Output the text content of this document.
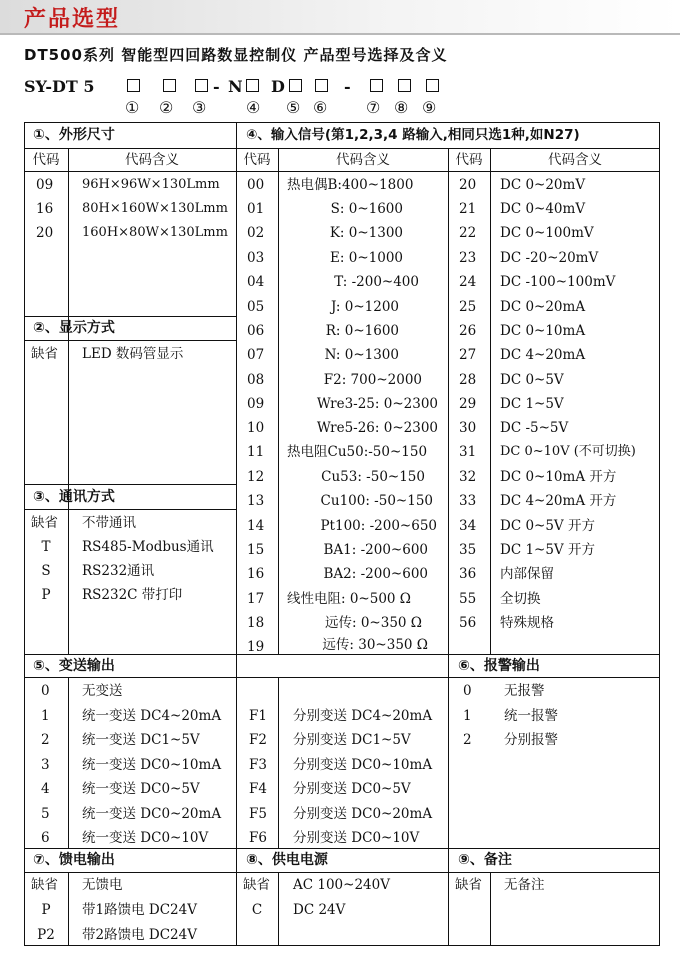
产品选型
DT500系列 智能型四回路数显控制仪 产品型号选择及含义
SY-DT 5	- N D	-
① ② ③ ④ ⑤ ⑥ ⑦ ⑧ ⑨
①、外形尺寸	④、输入信号(第1,2,3,4 路输入,相同只选1种,如N27)
代码	代码含义	代码	代码含义	代码	代码含义
09 96H×96W×130Lmm
16 80H×160W×130Lmm
20 160H×80W×130Lmm
②、显示方式
缺省 LED 数码管显示
③、通讯方式
缺省 不带通讯
T	RS485-Modbus通讯
S	RS232通讯
P	RS232C 带打印
00 热电偶B:400~1800
01	S: 0~1600
02	K: 0~1300
03	E: 0~1000
04	T: -200~400
05	J: 0~1200
06	R: 0~1600
07	N: 0~1300
08	F2: 700~2000
09	Wre3-25: 0~2300
10	Wre5-26: 0~2300
11 热电阻Cu50:-50~150
12	Cu53: -50~150
13	Cu100: -50~150
14	Pt100: -200~650
15	BA1: -200~600
16	BA2: -200~600
17 线性电阻: 0~500 Ω
18	远传: 0~350 Ω
19	远传: 30~350 Ω
20 DC 0~20mV
21 DC 0~40mV
22 DC 0~100mV
23 DC -20~20mV
24 DC -100~100mV
25 DC 0~20mA
26 DC 0~10mA
27 DC 4~20mA
28 DC 0~5V
29 DC 1~5V
30 DC -5~5V
31 DC 0~10V (不可切换)
32 DC 0~10mA 开方
33 DC 4~20mA 开方
34 DC 0~5V 开方
35 DC 1~5V 开方
36 内部保留
55 全切换
56 特殊规格
⑤、变送输出	⑥、报警输出
0 无变送
1 统一变送 DC4~20mA
2 统一变送 DC1~5V
3 统一变送 DC0~10mA
4 统一变送 DC0~5V
5 统一变送 DC0~20mA
6 统一变送 DC0~10V
F1 分别变送 DC4~20mA
F2 分别变送 DC1~5V
F3 分别变送 DC0~10mA
F4 分别变送 DC0~5V
F5 分别变送 DC0~20mA
F6 分别变送 DC0~10V
0 无报警
1 统一报警
2 分别报警
⑦、馈电输出	⑧、供电电源	⑨、备注
缺省 无馈电
P	带1路馈电 DC24V
P2	带2路馈电 DC24V
缺省 AC 100~240V
C	DC 24V
缺省 无备注
